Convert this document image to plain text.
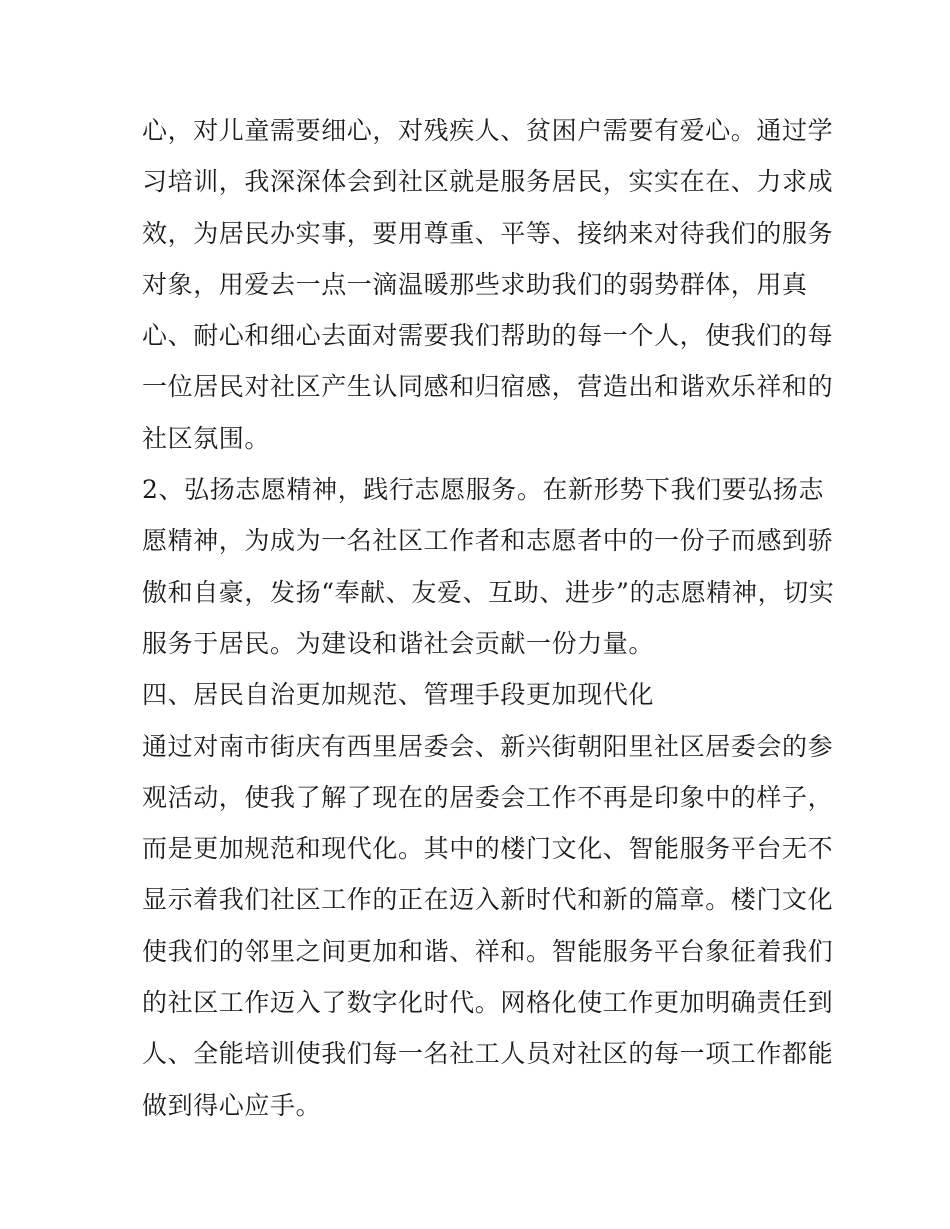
心，对儿童需要细心，对残疾人、贫困户需要有爱心。通过学
习培训，我深深体会到社区就是服务居民，实实在在、力求成
效，为居民办实事，要用尊重、平等、接纳来对待我们的服务
对象，用爱去一点一滴温暖那些求助我们的弱势群体，用真
心、耐心和细心去面对需要我们帮助的每一个人，使我们的每
一位居民对社区产生认同感和归宿感，营造出和谐欢乐祥和的
社区氛围。
2、弘扬志愿精神，践行志愿服务。在新形势下我们要弘扬志
愿精神，为成为一名社区工作者和志愿者中的一份子而感到骄
傲和自豪，发扬“奉献、友爱、互助、进步”的志愿精神，切实
服务于居民。为建设和谐社会贡献一份力量。
四、居民自治更加规范、管理手段更加现代化
通过对南市街庆有西里居委会、新兴街朝阳里社区居委会的参
观活动，使我了解了现在的居委会工作不再是印象中的样子，
而是更加规范和现代化。其中的楼门文化、智能服务平台无不
显示着我们社区工作的正在迈入新时代和新的篇章。楼门文化
使我们的邻里之间更加和谐、祥和。智能服务平台象征着我们
的社区工作迈入了数字化时代。网格化使工作更加明确责任到
人、全能培训使我们每一名社工人员对社区的每一项工作都能
做到得心应手。
